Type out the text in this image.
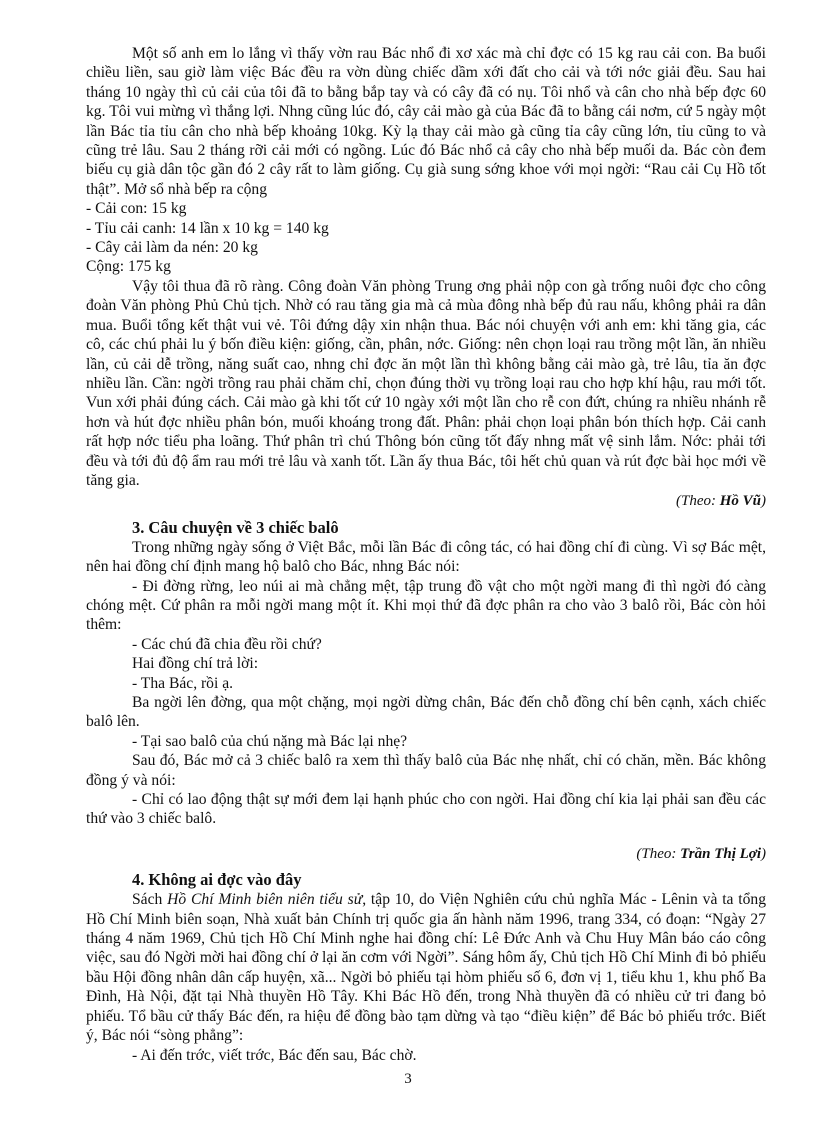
Một số anh em lo lắng vì thấy vờn rau Bác nhổ đi xơ xác mà chỉ đợc có 15 kg rau cải con. Ba buổi chiều liền, sau giờ làm việc Bác đều ra vờn dùng chiếc dầm xới đất cho cải và tới nớc giải đều. Sau hai tháng 10 ngày thì củ cải của tôi đã to bằng bắp tay và có cây đã có nụ. Tôi nhổ và cân cho nhà bếp đợc 60 kg. Tôi vui mừng vì thắng lợi. Nhng cũng lúc đó, cây cải mào gà của Bác đã to bằng cái nơm, cứ 5 ngày một lần Bác tỉa tỉu cân cho nhà bếp khoảng 10kg. Kỳ lạ thay cải mào gà cũng tỉa cây cũng lớn, tỉu cũng to và cũng trẻ lâu. Sau 2 tháng rỡi cải mới có ngồng. Lúc đó Bác nhổ cả cây cho nhà bếp muối da. Bác còn đem biếu cụ già dân tộc gần đó 2 cây rất to làm giống. Cụ già sung sớng khoe với mọi ngời: “Rau cải Cụ Hồ tốt thật”. Mở sổ nhà bếp ra cộng

- Cải con: 15 kg

- Tỉu cải canh: 14 lần x 10 kg = 140 kg

- Cây cải làm da nén: 20 kg

Cộng: 175 kg

Vậy tôi thua đã rõ ràng. Công đoàn Văn phòng Trung ơng phải nộp con gà trống nuôi đợc cho công đoàn Văn phòng Phủ Chủ tịch. Nhờ có rau tăng gia mà cả mùa đông nhà bếp đủ rau nấu, không phải ra dân mua. Buổi tổng kết thật vui vẻ. Tôi đứng dậy xin nhận thua. Bác nói chuyện với anh em: khi tăng gia, các cô, các chú phải lu ý bốn điều kiện: giống, cần, phân, nớc. Giống: nên chọn loại rau trồng một lần, ăn nhiều lần, củ cải dễ trồng, năng suất cao, nhng chỉ đợc ăn một lần thì không bằng cải mào gà, trẻ lâu, tỉa ăn đợc nhiều lần. Cần: ngời trồng rau phải chăm chỉ, chọn đúng thời vụ trồng loại rau cho hợp khí hậu, rau mới tốt. Vun xới phải đúng cách. Cải mào gà khi tốt cứ 10 ngày xới một lần cho rễ con đứt, chúng ra nhiều nhánh rễ hơn và hút đợc nhiều phân bón, muối khoáng trong đất. Phân: phải chọn loại phân bón thích hợp. Cải canh rất hợp nớc tiểu pha loãng. Thứ phân trì chú Thông bón cũng tốt đấy nhng mất vệ sinh lắm. Nớc: phải tới đều và tới đủ độ ẩm rau mới trẻ lâu và xanh tốt. Lần ấy thua Bác, tôi hết chủ quan và rút đợc bài học mới về tăng gia.

(Theo: Hồ Vũ)

3. Câu chuyện về 3 chiếc balô

Trong những ngày sống ở Việt Bắc, mỗi lần Bác đi công tác, có hai đồng chí đi cùng. Vì sợ Bác mệt, nên hai đồng chí định mang hộ balô cho Bác, nhng Bác nói:

- Đi đờng rừng, leo núi ai mà chẳng mệt, tập trung đồ vật cho một ngời mang đi thì ngời đó càng chóng mệt. Cứ phân ra mỗi ngời mang một ít. Khi mọi thứ đã đợc phân ra cho vào 3 balô rồi, Bác còn hỏi thêm:

- Các chú đã chia đều rồi chứ?

Hai đồng chí trả lời:

- Tha Bác, rồi ạ.

Ba ngời lên đờng, qua một chặng, mọi ngời dừng chân, Bác đến chỗ đồng chí bên cạnh, xách chiếc balô lên.

- Tại sao balô của chú nặng mà Bác lại nhẹ?

Sau đó, Bác mở cả 3 chiếc balô ra xem thì thấy balô của Bác nhẹ nhất, chỉ có chăn, mền. Bác không đồng ý và nói:

- Chỉ có lao động thật sự mới đem lại hạnh phúc cho con ngời. Hai đồng chí kia lại phải san đều các thứ vào 3 chiếc balô.

(Theo: Trần Thị Lợi)

4. Không ai đợc vào đây

Sách Hồ Chí Minh biên niên tiểu sử, tập 10, do Viện Nghiên cứu chủ nghĩa Mác - Lênin và ta tổng Hồ Chí Minh biên soạn, Nhà xuất bản Chính trị quốc gia ấn hành năm 1996, trang 334, có đoạn: “Ngày 27 tháng 4 năm 1969, Chủ tịch Hồ Chí Minh nghe hai đồng chí: Lê Đức Anh và Chu Huy Mân báo cáo công việc, sau đó Ngời mời hai đồng chí ở lại ăn cơm với Ngời”. Sáng hôm ấy, Chủ tịch Hồ Chí Minh đi bỏ phiếu bầu Hội đồng nhân dân cấp huyện, xã... Ngời bỏ phiếu tại hòm phiếu số 6, đơn vị 1, tiểu khu 1, khu phố Ba Đình, Hà Nội, đặt tại Nhà thuyền Hồ Tây. Khi Bác Hồ đến, trong Nhà thuyền đã có nhiều cử tri đang bỏ phiếu. Tổ bầu cử thấy Bác đến, ra hiệu để đồng bào tạm dừng và tạo “điều kiện” để Bác bỏ phiếu trớc. Biết ý, Bác nói “sòng phẳng”:

- Ai đến trớc, viết trớc, Bác đến sau, Bác chờ.

3
